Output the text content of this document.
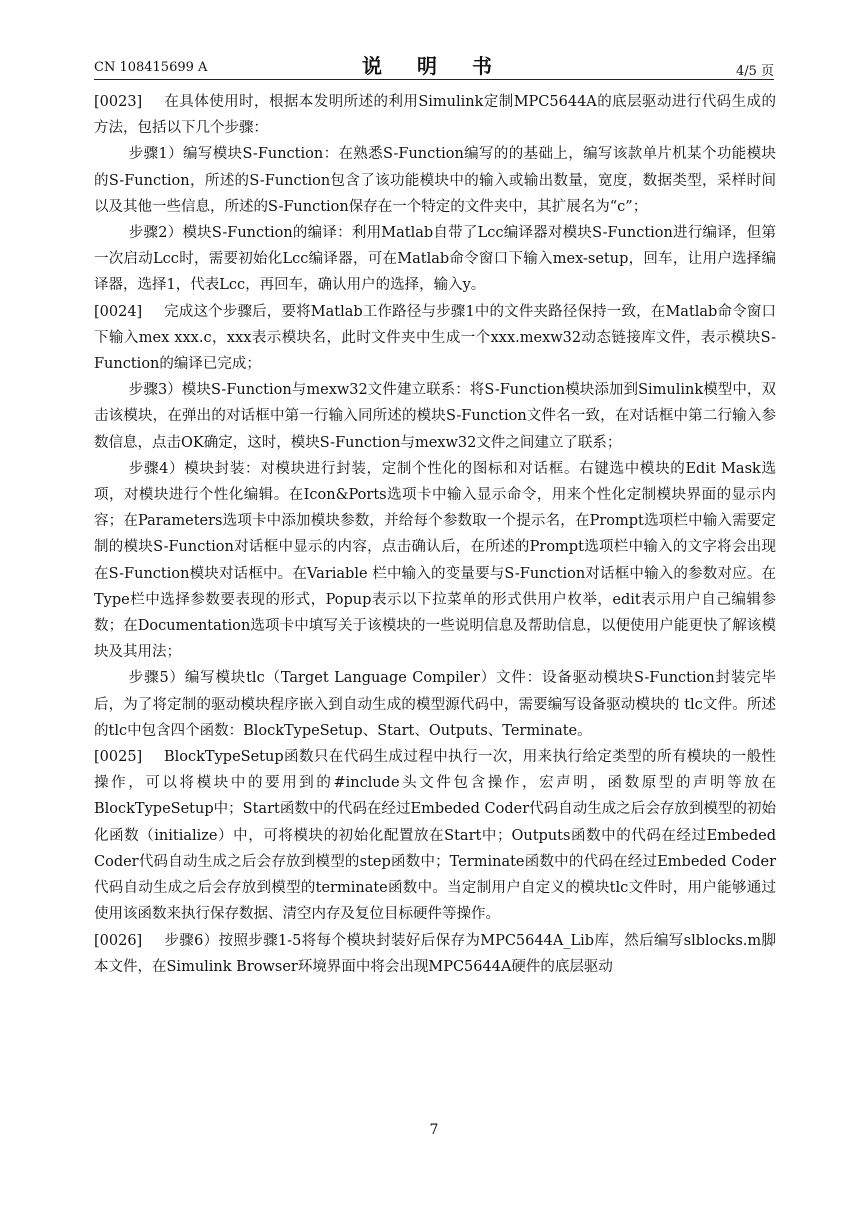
CN 108415699 A	说 明 书	4/5 页

[0023] 在具体使用时，根据本发明所述的利用Simulink定制MPC5644A的底层驱动进行代码生成的方法，包括以下几个步骤：

步骤1）编写模块S-Function：在熟悉S-Function编写的的基础上，编写该款单片机某个功能模块的S-Function，所述的S-Function包含了该功能模块中的输入或输出数量，宽度，数据类型，采样时间以及其他一些信息，所述的S-Function保存在一个特定的文件夹中，其扩展名为“c”；

步骤2）模块S-Function的编译：利用Matlab自带了Lcc编译器对模块S-Function进行编译，但第一次启动Lcc时，需要初始化Lcc编译器，可在Matlab命令窗口下输入mex-setup，回车，让用户选择编译器，选择1，代表Lcc，再回车，确认用户的选择，输入y。

[0024] 完成这个步骤后，要将Matlab工作路径与步骤1中的文件夹路径保持一致，在Matlab命令窗口下输入mex xxx.c，xxx表示模块名，此时文件夹中生成一个xxx.mexw32动态链接库文件，表示模块S-Function的编译已完成；

步骤3）模块S-Function与mexw32文件建立联系：将S-Function模块添加到Simulink模型中，双击该模块，在弹出的对话框中第一行输入同所述的模块S-Function文件名一致，在对话框中第二行输入参数信息，点击OK确定，这时，模块S-Function与mexw32文件之间建立了联系；

步骤4）模块封装：对模块进行封装，定制个性化的图标和对话框。右键选中模块的Edit Mask选项，对模块进行个性化编辑。在Icon&Ports选项卡中输入显示命令，用来个性化定制模块界面的显示内容；在Parameters选项卡中添加模块参数，并给每个参数取一个提示名，在Prompt选项栏中输入需要定制的模块S-Function对话框中显示的内容，点击确认后，在所述的Prompt选项栏中输入的文字将会出现在S-Function模块对话框中。在Variable 栏中输入的变量要与S-Function对话框中输入的参数对应。在Type栏中选择参数要表现的形式，Popup表示以下拉菜单的形式供用户枚举，edit表示用户自己编辑参数；在Documentation选项卡中填写关于该模块的一些说明信息及帮助信息，以便使用户能更快了解该模块及其用法；

步骤5）编写模块tlc（Target Language Compiler）文件：设备驱动模块S-Function封装完毕后，为了将定制的驱动模块程序嵌入到自动生成的模型源代码中，需要编写设备驱动模块的 tlc文件。所述的tlc中包含四个函数：BlockTypeSetup、Start、Outputs、Terminate。

[0025] BlockTypeSetup函数只在代码生成过程中执行一次，用来执行给定类型的所有模块的一般性操作，可以将模块中的要用到的#include头文件包含操作，宏声明，函数原型的声明等放在BlockTypeSetup中；Start函数中的代码在经过Embeded Coder代码自动生成之后会存放到模型的初始化函数（initialize）中，可将模块的初始化配置放在Start中；Outputs函数中的代码在经过Embeded Coder代码自动生成之后会存放到模型的step函数中；Terminate函数中的代码在经过Embeded Coder代码自动生成之后会存放到模型的terminate函数中。当定制用户自定义的模块tlc文件时，用户能够通过使用该函数来执行保存数据、清空内存及复位目标硬件等操作。

[0026] 步骤6）按照步骤1-5将每个模块封装好后保存为MPC5644A_Lib库，然后编写slblocks.m脚本文件，在Simulink Browser环境界面中将会出现MPC5644A硬件的底层驱动

7
